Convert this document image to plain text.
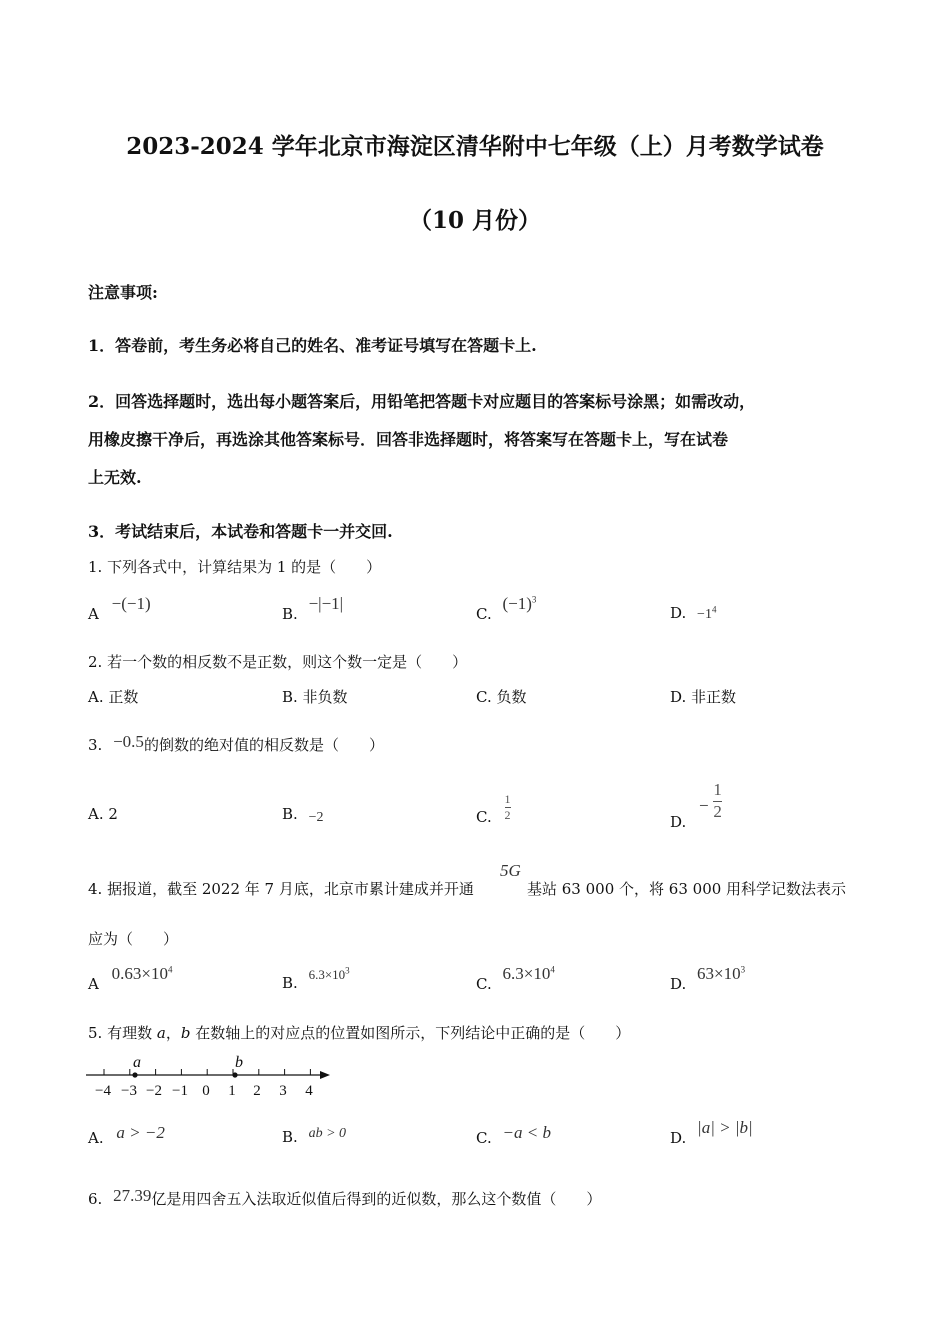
2023-2024 学年北京市海淀区清华附中七年级（上）月考数学试卷
（10 月份）
注意事项:
1．答卷前，考生务必将自己的姓名、准考证号填写在答题卡上.
2．回答选择题时，选出每小题答案后，用铅笔把答题卡对应题目的答案标号涂黑；如需改动，
用橡皮擦干净后，再选涂其他答案标号．回答非选择题时，将答案写在答题卡上，写在试卷
上无效.
3．考试结束后，本试卷和答题卡一并交回.
1. 下列各式中，计算结果为 1 的是（　　）
A −(−1)
B. −|−1|
C. $(-1)^3$
D. $-1^4$
2. 若一个数的相反数不是正数，则这个数一定是（　　）
A. 正数	B. 非负数	C. 负数	D. 非正数
3. −0.5的倒数的绝对值的相反数是（　　）
A. 2	B. −2	C. $\frac{1}{2}$	D. − $\frac{1}{2}$
4. 据报道，截至 2022 年 7 月底，北京市累计建成并开通
5G
基站 63 000 个，将 63 000 用科学记数法表示
应为（　　）
A $0.63\times 10^4$
B. $6.3\times 10^3$
C. $6.3\times 10^4$
D. $63\times 10^3$
5. 有理数 a，b 在数轴上的对应点的位置如图所示，下列结论中正确的是（　　）
−4 −3 −2 −1 0 1 2 3 4
a	b
A. a > −2	B. ab > 0	C. −a < b	D. |a| > |b|
6. 27.39亿是用四舍五入法取近似值后得到的近似数，那么这个数值（　　）
